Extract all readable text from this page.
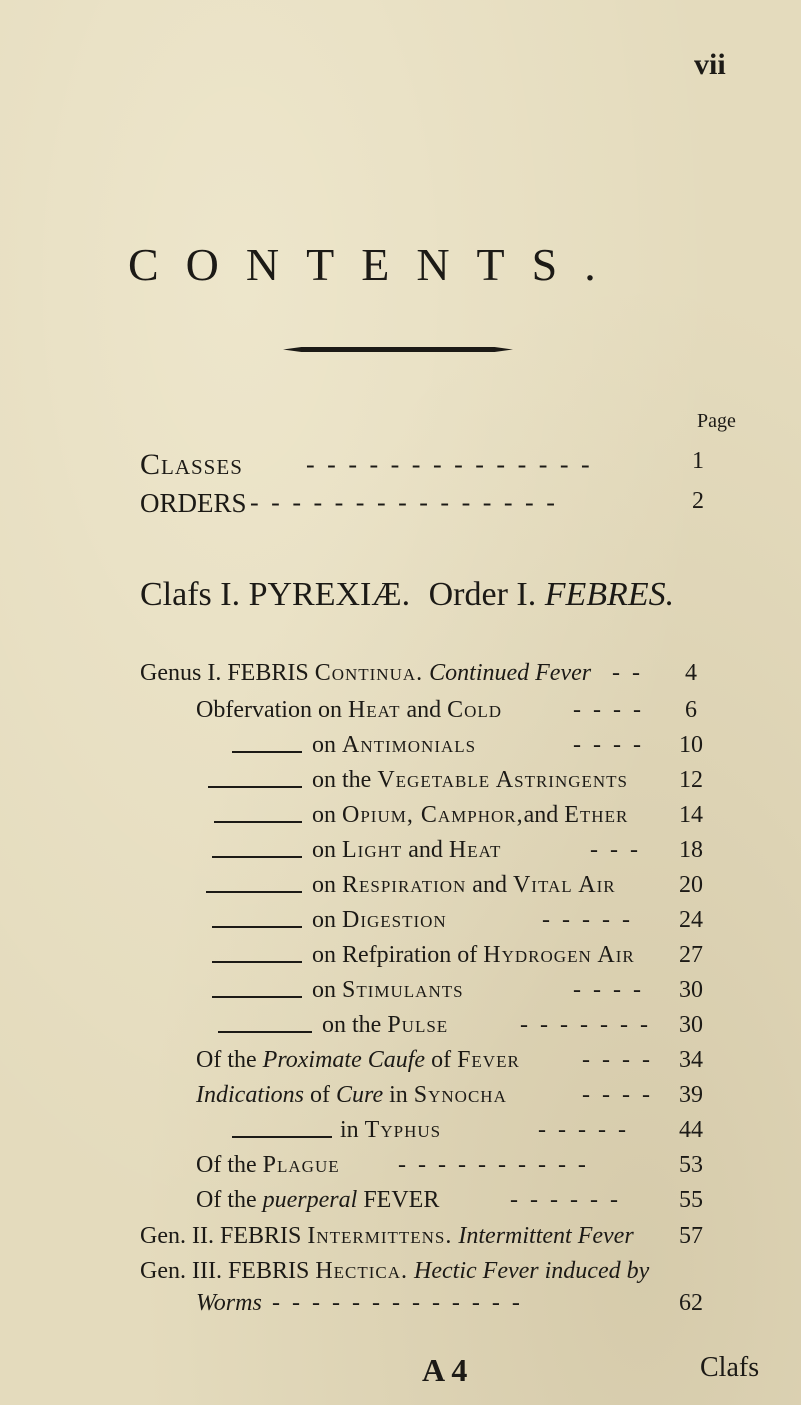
vii
CONTENTS.
Page
Classes - - - - - - - - - - - - - -	1
ORDERS - - - - - - - - - - - - - - -	2
Clafs I. PYREXIÆ. Order I. FEBRES.
Genus I. FEBRIS Continua. Continued Fever - -	4
Obfervation on Heat and Cold	- - - -	6
on Antimonials	- - - - 10
on the Vegetable Astringents 12
on Opium, Camphor,and Ether 14
on Light and Heat	- - - 18
on Respiration and Vital Air	20
on Digestion	- - - - - 24
on Refpiration of Hydrogen Air 27
on Stimulants	- - - - 30
on the Pulse	- - - - - - - 30
Of the Proximate Caufe of Fever	- - - - 34
Indications of Cure in Synocha	- - - - 39
in Typhus	- - - - - 44
Of the Plague - - - - - - - - - -	53
Of the puerperal FEVER	- - - - - - 55
Gen. II. FEBRIS Intermittens. Intermittent Fever 57
Gen. III. FEBRIS Hectica. Hectic Fever induced by
Worms - - - - - - - - - - - - -	62
A 4	Clafs
